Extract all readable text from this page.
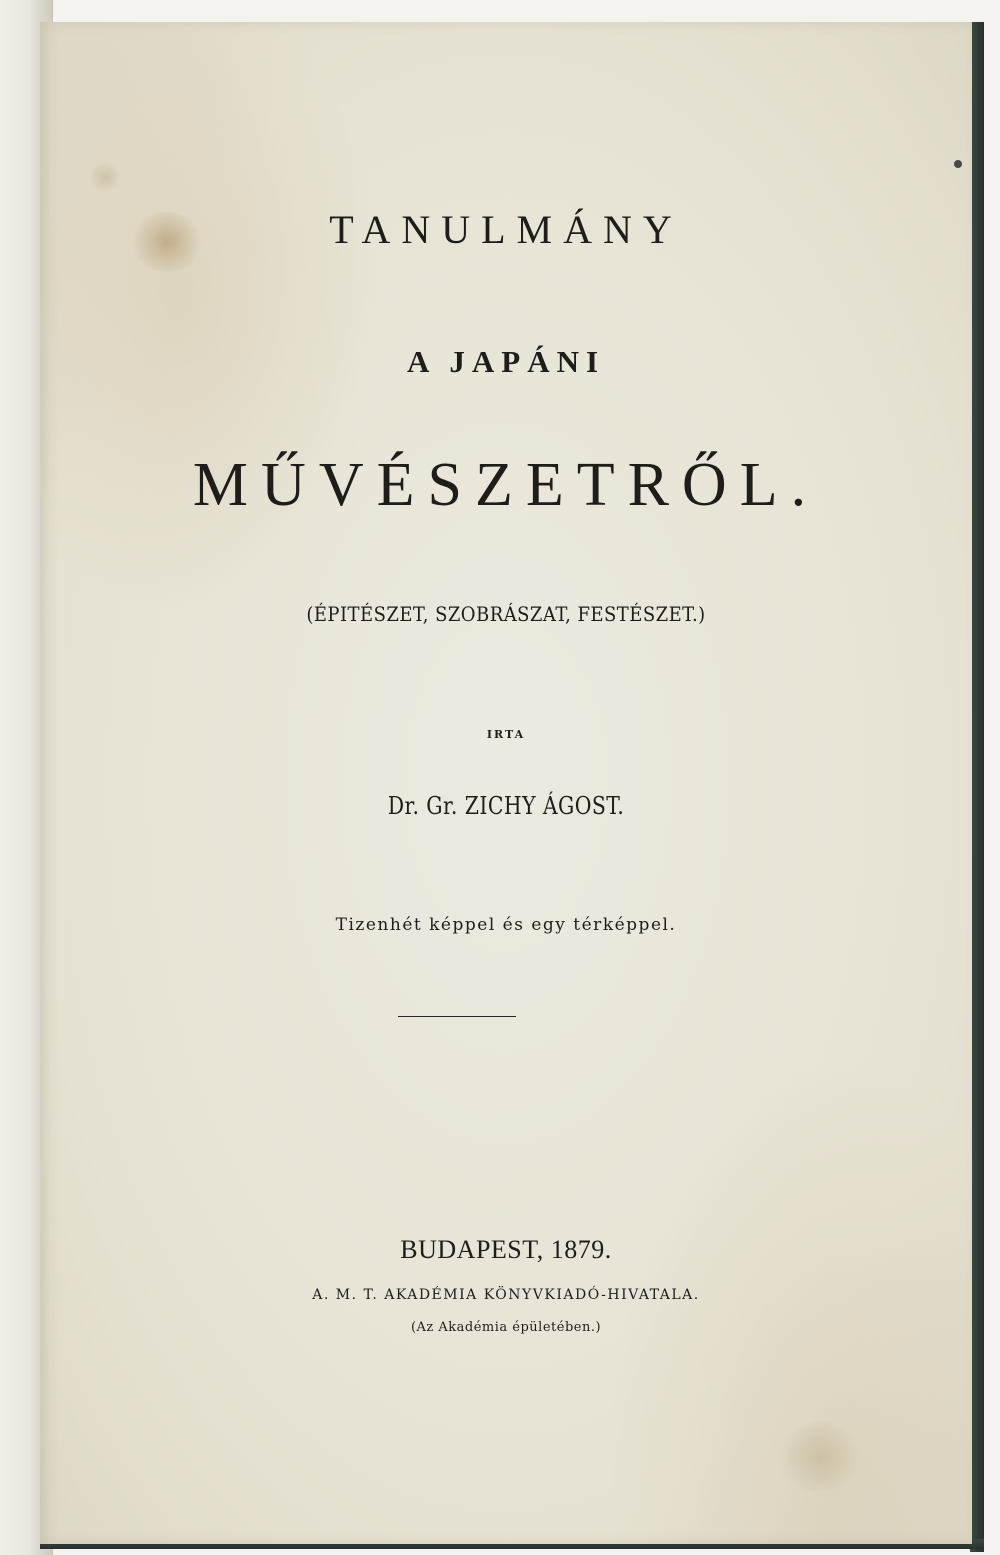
TANULMÁNY
A JAPÁNI
MŰVÉSZETRŐL.
(ÉPITÉSZET, SZOBRÁSZAT, FESTÉSZET.)
IRTA
Dr. Gr. ZICHY ÁGOST.
Tizenhét képpel és egy térképpel.
BUDAPEST, 1879.
A. M. T. AKADÉMIA KÖNYVKIADÓ-HIVATALA.
(Az Akadémia épületében.)
